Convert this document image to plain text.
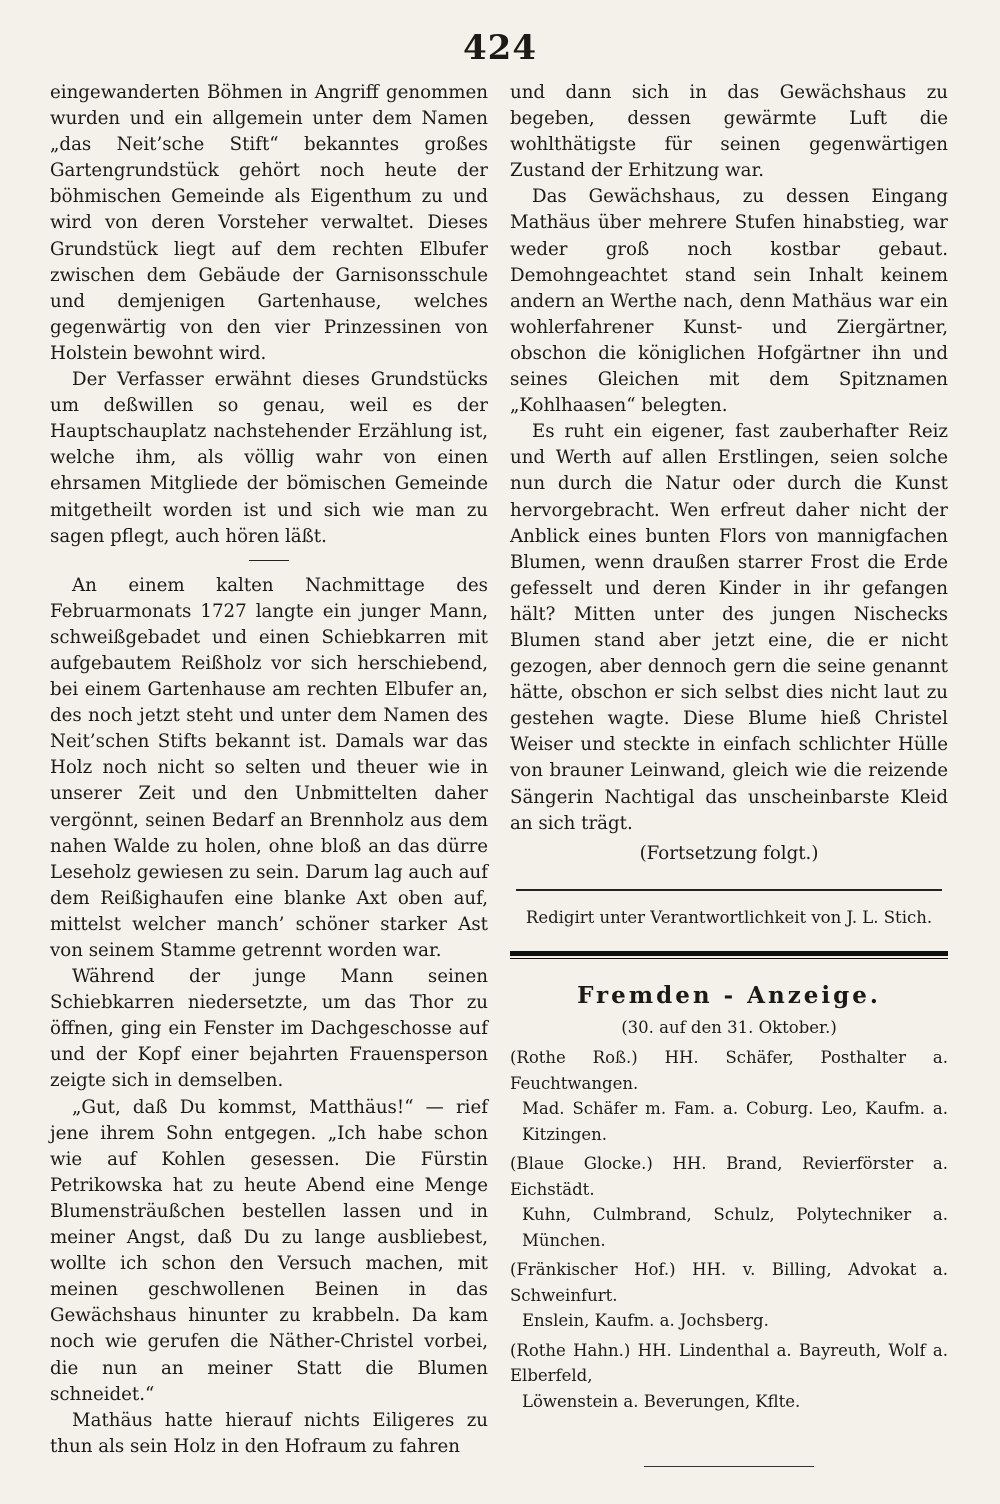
424

eingewanderten Böhmen in Angriff genommen wurden und ein allgemein unter dem Namen „das Neit’sche Stift“ bekanntes großes Gartengrundstück gehört noch heute der böhmischen Gemeinde als Eigenthum zu und wird von deren Vorsteher verwaltet. Dieses Grundstück liegt auf dem rechten Elbufer zwischen dem Gebäude der Garnisonsschule und demjenigen Gartenhause, welches gegenwärtig von den vier Prinzessinen von Holstein bewohnt wird.

Der Verfasser erwähnt dieses Grundstücks um deßwillen so genau, weil es der Hauptschauplatz nachstehender Erzählung ist, welche ihm, als völlig wahr von einen ehrsamen Mitgliede der bömischen Gemeinde mitgetheilt worden ist und sich wie man zu sagen pflegt, auch hören läßt.

An einem kalten Nachmittage des Februarmonats 1727 langte ein junger Mann, schweißgebadet und einen Schiebkarren mit aufgebautem Reißholz vor sich herschiebend, bei einem Gartenhause am rechten Elbufer an, des noch jetzt steht und unter dem Namen des Neit’schen Stifts bekannt ist. Damals war das Holz noch nicht so selten und theuer wie in unserer Zeit und den Unbmittelten daher vergönnt, seinen Bedarf an Brennholz aus dem nahen Walde zu holen, ohne bloß an das dürre Leseholz gewiesen zu sein. Darum lag auch auf dem Reißighaufen eine blanke Axt oben auf, mittelst welcher manch’ schöner starker Ast von seinem Stamme getrennt worden war.

Während der junge Mann seinen Schiebkarren niedersetzte, um das Thor zu öffnen, ging ein Fenster im Dachgeschosse auf und der Kopf einer bejahrten Frauensperson zeigte sich in demselben.

„Gut, daß Du kommst, Matthäus!“ — rief jene ihrem Sohn entgegen. „Ich habe schon wie auf Kohlen gesessen. Die Fürstin Petrikowska hat zu heute Abend eine Menge Blumensträußchen bestellen lassen und in meiner Angst, daß Du zu lange ausbliebest, wollte ich schon den Versuch machen, mit meinen geschwollenen Beinen in das Gewächshaus hinunter zu krabbeln. Da kam noch wie gerufen die Näther-Christel vorbei, die nun an meiner Statt die Blumen schneidet.“

Mathäus hatte hierauf nichts Eiligeres zu thun als sein Holz in den Hofraum zu fahren

und dann sich in das Gewächshaus zu begeben, dessen gewärmte Luft die wohlthätigste für seinen gegenwärtigen Zustand der Erhitzung war.

Das Gewächshaus, zu dessen Eingang Mathäus über mehrere Stufen hinabstieg, war weder groß noch kostbar gebaut. Demohngeachtet stand sein Inhalt keinem andern an Werthe nach, denn Mathäus war ein wohlerfahrener Kunst- und Ziergärtner, obschon die königlichen Hofgärtner ihn und seines Gleichen mit dem Spitznamen „Kohlhaasen“ belegten.

Es ruht ein eigener, fast zauberhafter Reiz und Werth auf allen Erstlingen, seien solche nun durch die Natur oder durch die Kunst hervorgebracht. Wen erfreut daher nicht der Anblick eines bunten Flors von mannigfachen Blumen, wenn draußen starrer Frost die Erde gefesselt und deren Kinder in ihr gefangen hält? Mitten unter des jungen Nischecks Blumen stand aber jetzt eine, die er nicht gezogen, aber dennoch gern die seine genannt hätte, obschon er sich selbst dies nicht laut zu gestehen wagte. Diese Blume hieß Christel Weiser und steckte in einfach schlichter Hülle von brauner Leinwand, gleich wie die reizende Sängerin Nachtigal das unscheinbarste Kleid an sich trägt.

(Fortsetzung folgt.)
Redigirt unter Verantwortlichkeit von J. L. Stich.
Fremden - Anzeige.
(30. auf den 31. Oktober.)
(Rothe Roß.) HH. Schäfer, Posthalter a. Feuchtwangen.
Mad. Schäfer m. Fam. a. Coburg. Leo, Kaufm. a. Kitzingen.
(Blaue Glocke.) HH. Brand, Revierförster a. Eichstädt.
Kuhn, Culmbrand, Schulz, Polytechniker a. München.
(Fränkischer Hof.) HH. v. Billing, Advokat a. Schweinfurt.
Enslein, Kaufm. a. Jochsberg.
(Rothe Hahn.) HH. Lindenthal a. Bayreuth, Wolf a. Elberfeld,
Löwenstein a. Beverungen, Kflte.
